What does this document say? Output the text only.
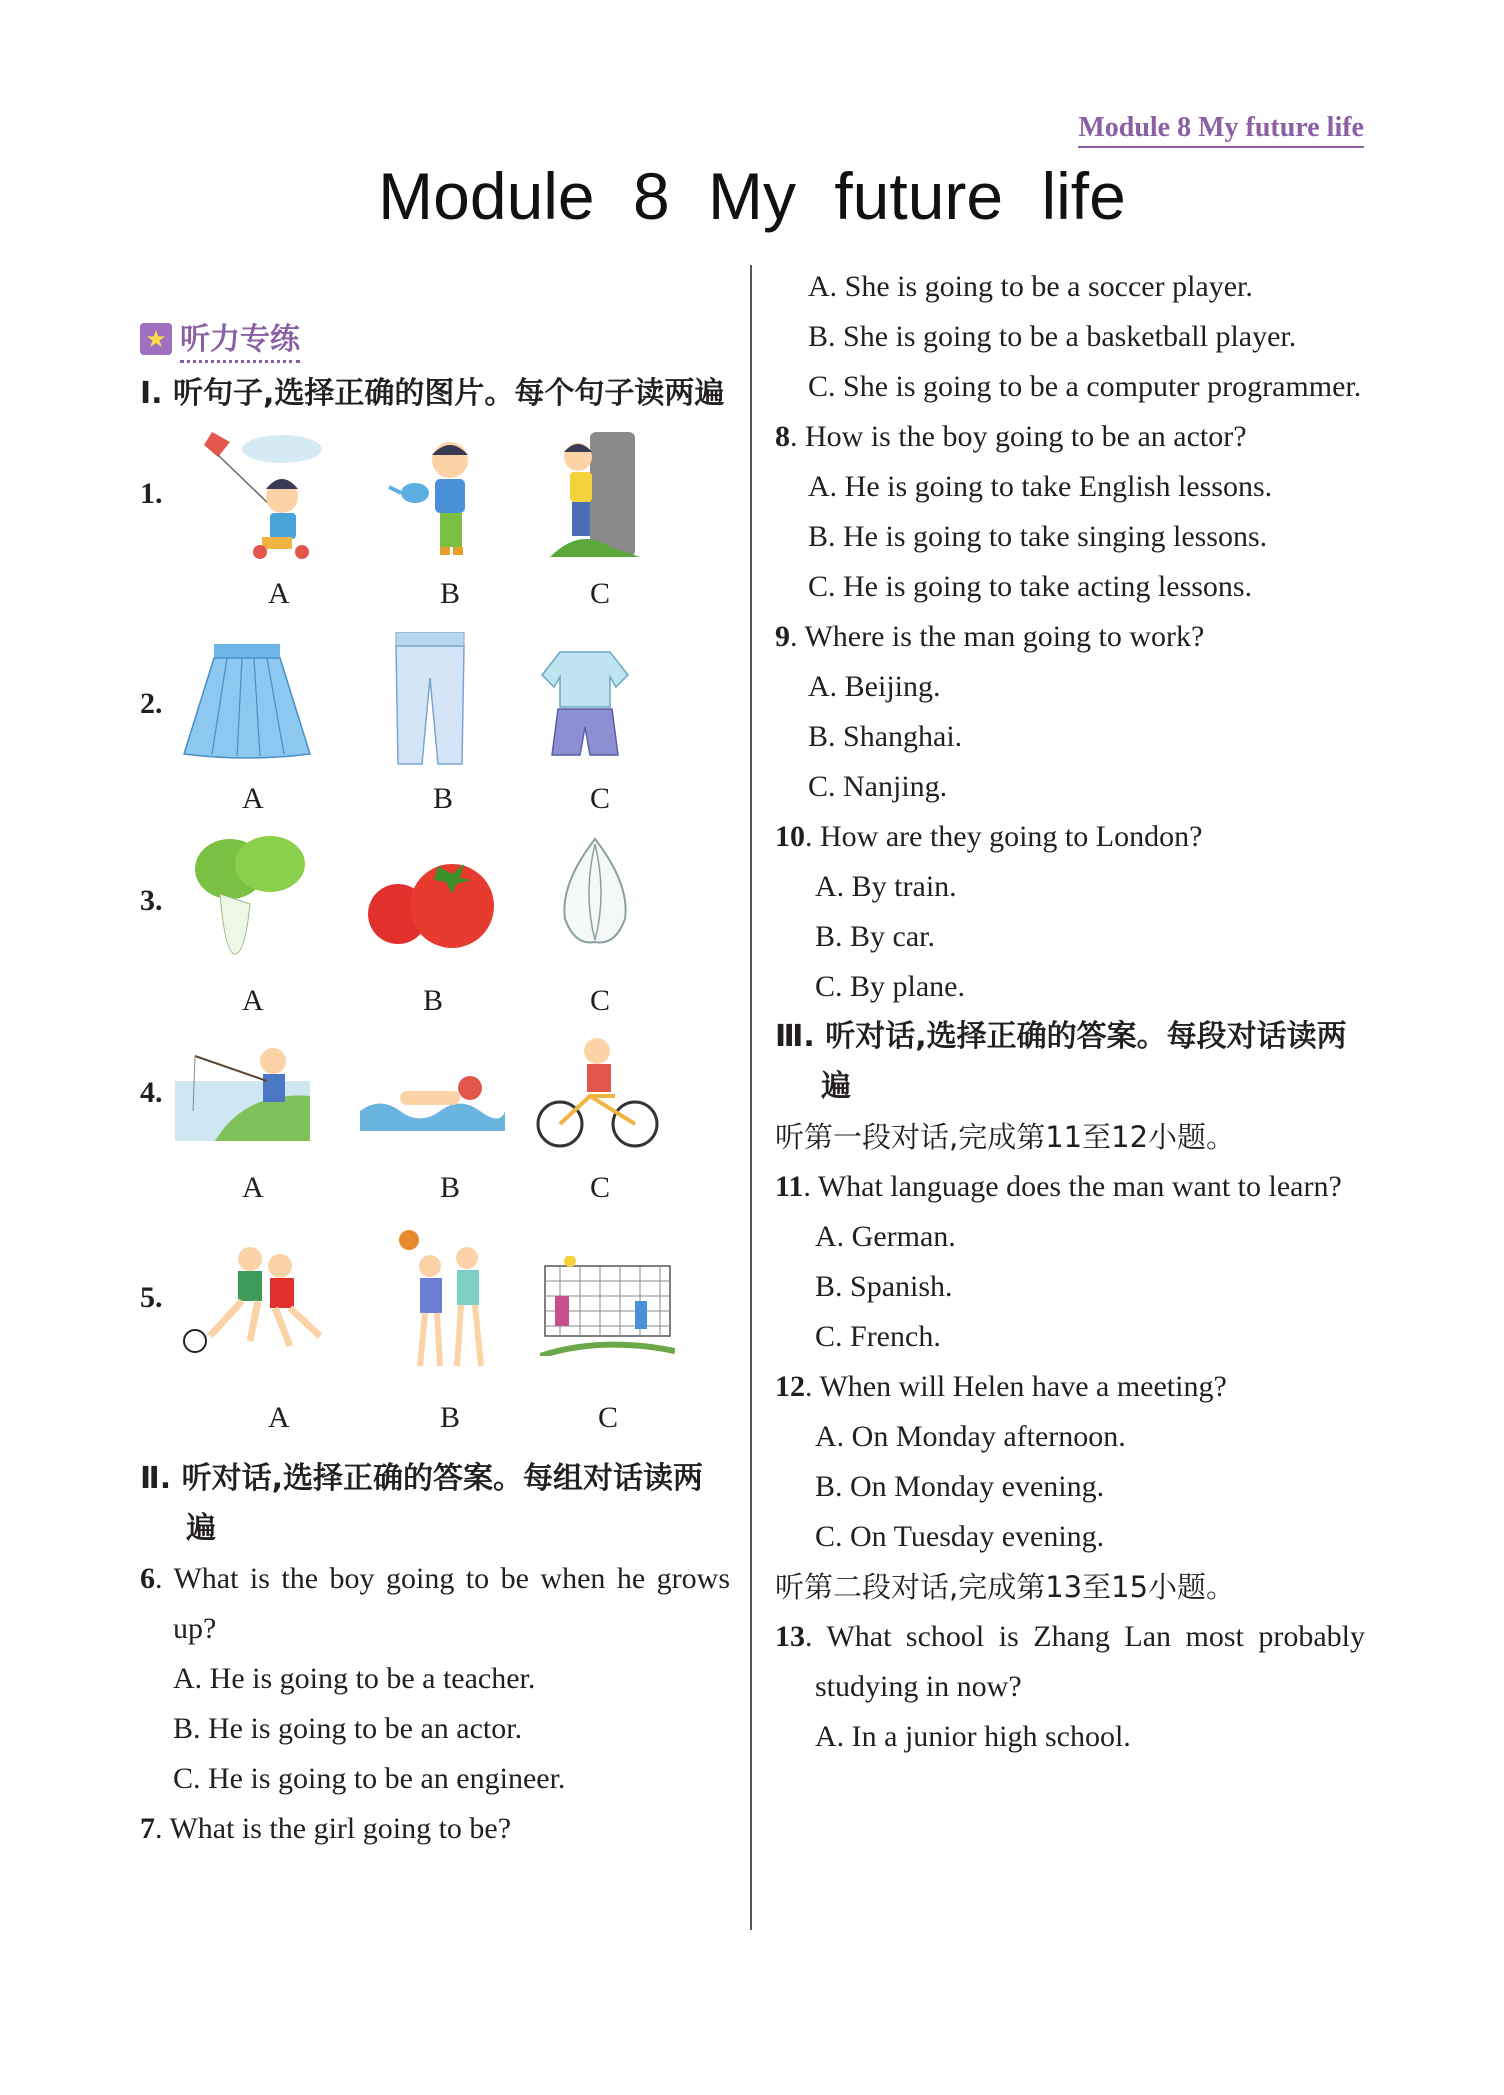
Module 8 My future life
Module 8 My future life
★ 听力专练
Ⅰ. 听句子,选择正确的图片。每个句子读两遍
1.
A	B	C
2.
A	B	C
3.
A	B	C
4.
A	B	C
5.
A	B	C
Ⅱ. 听对话,选择正确的答案。每组对话读两遍
6. What is the boy going to be when he grows up?
A. He is going to be a teacher.
B. He is going to be an actor.
C. He is going to be an engineer.
7. What is the girl going to be?
A. She is going to be a soccer player.
B. She is going to be a basketball player.
C. She is going to be a computer programmer.
8. How is the boy going to be an actor?
A. He is going to take English lessons.
B. He is going to take singing lessons.
C. He is going to take acting lessons.
9. Where is the man going to work?
A. Beijing.
B. Shanghai.
C. Nanjing.
10. How are they going to London?
A. By train.
B. By car.
C. By plane.
Ⅲ. 听对话,选择正确的答案。每段对话读两遍
听第一段对话,完成第11至12小题。
11. What language does the man want to learn?
A. German.
B. Spanish.
C. French.
12. When will Helen have a meeting?
A. On Monday afternoon.
B. On Monday evening.
C. On Tuesday evening.
听第二段对话,完成第13至15小题。
13. What school is Zhang Lan most probably studying in now?
A. In a junior high school.
